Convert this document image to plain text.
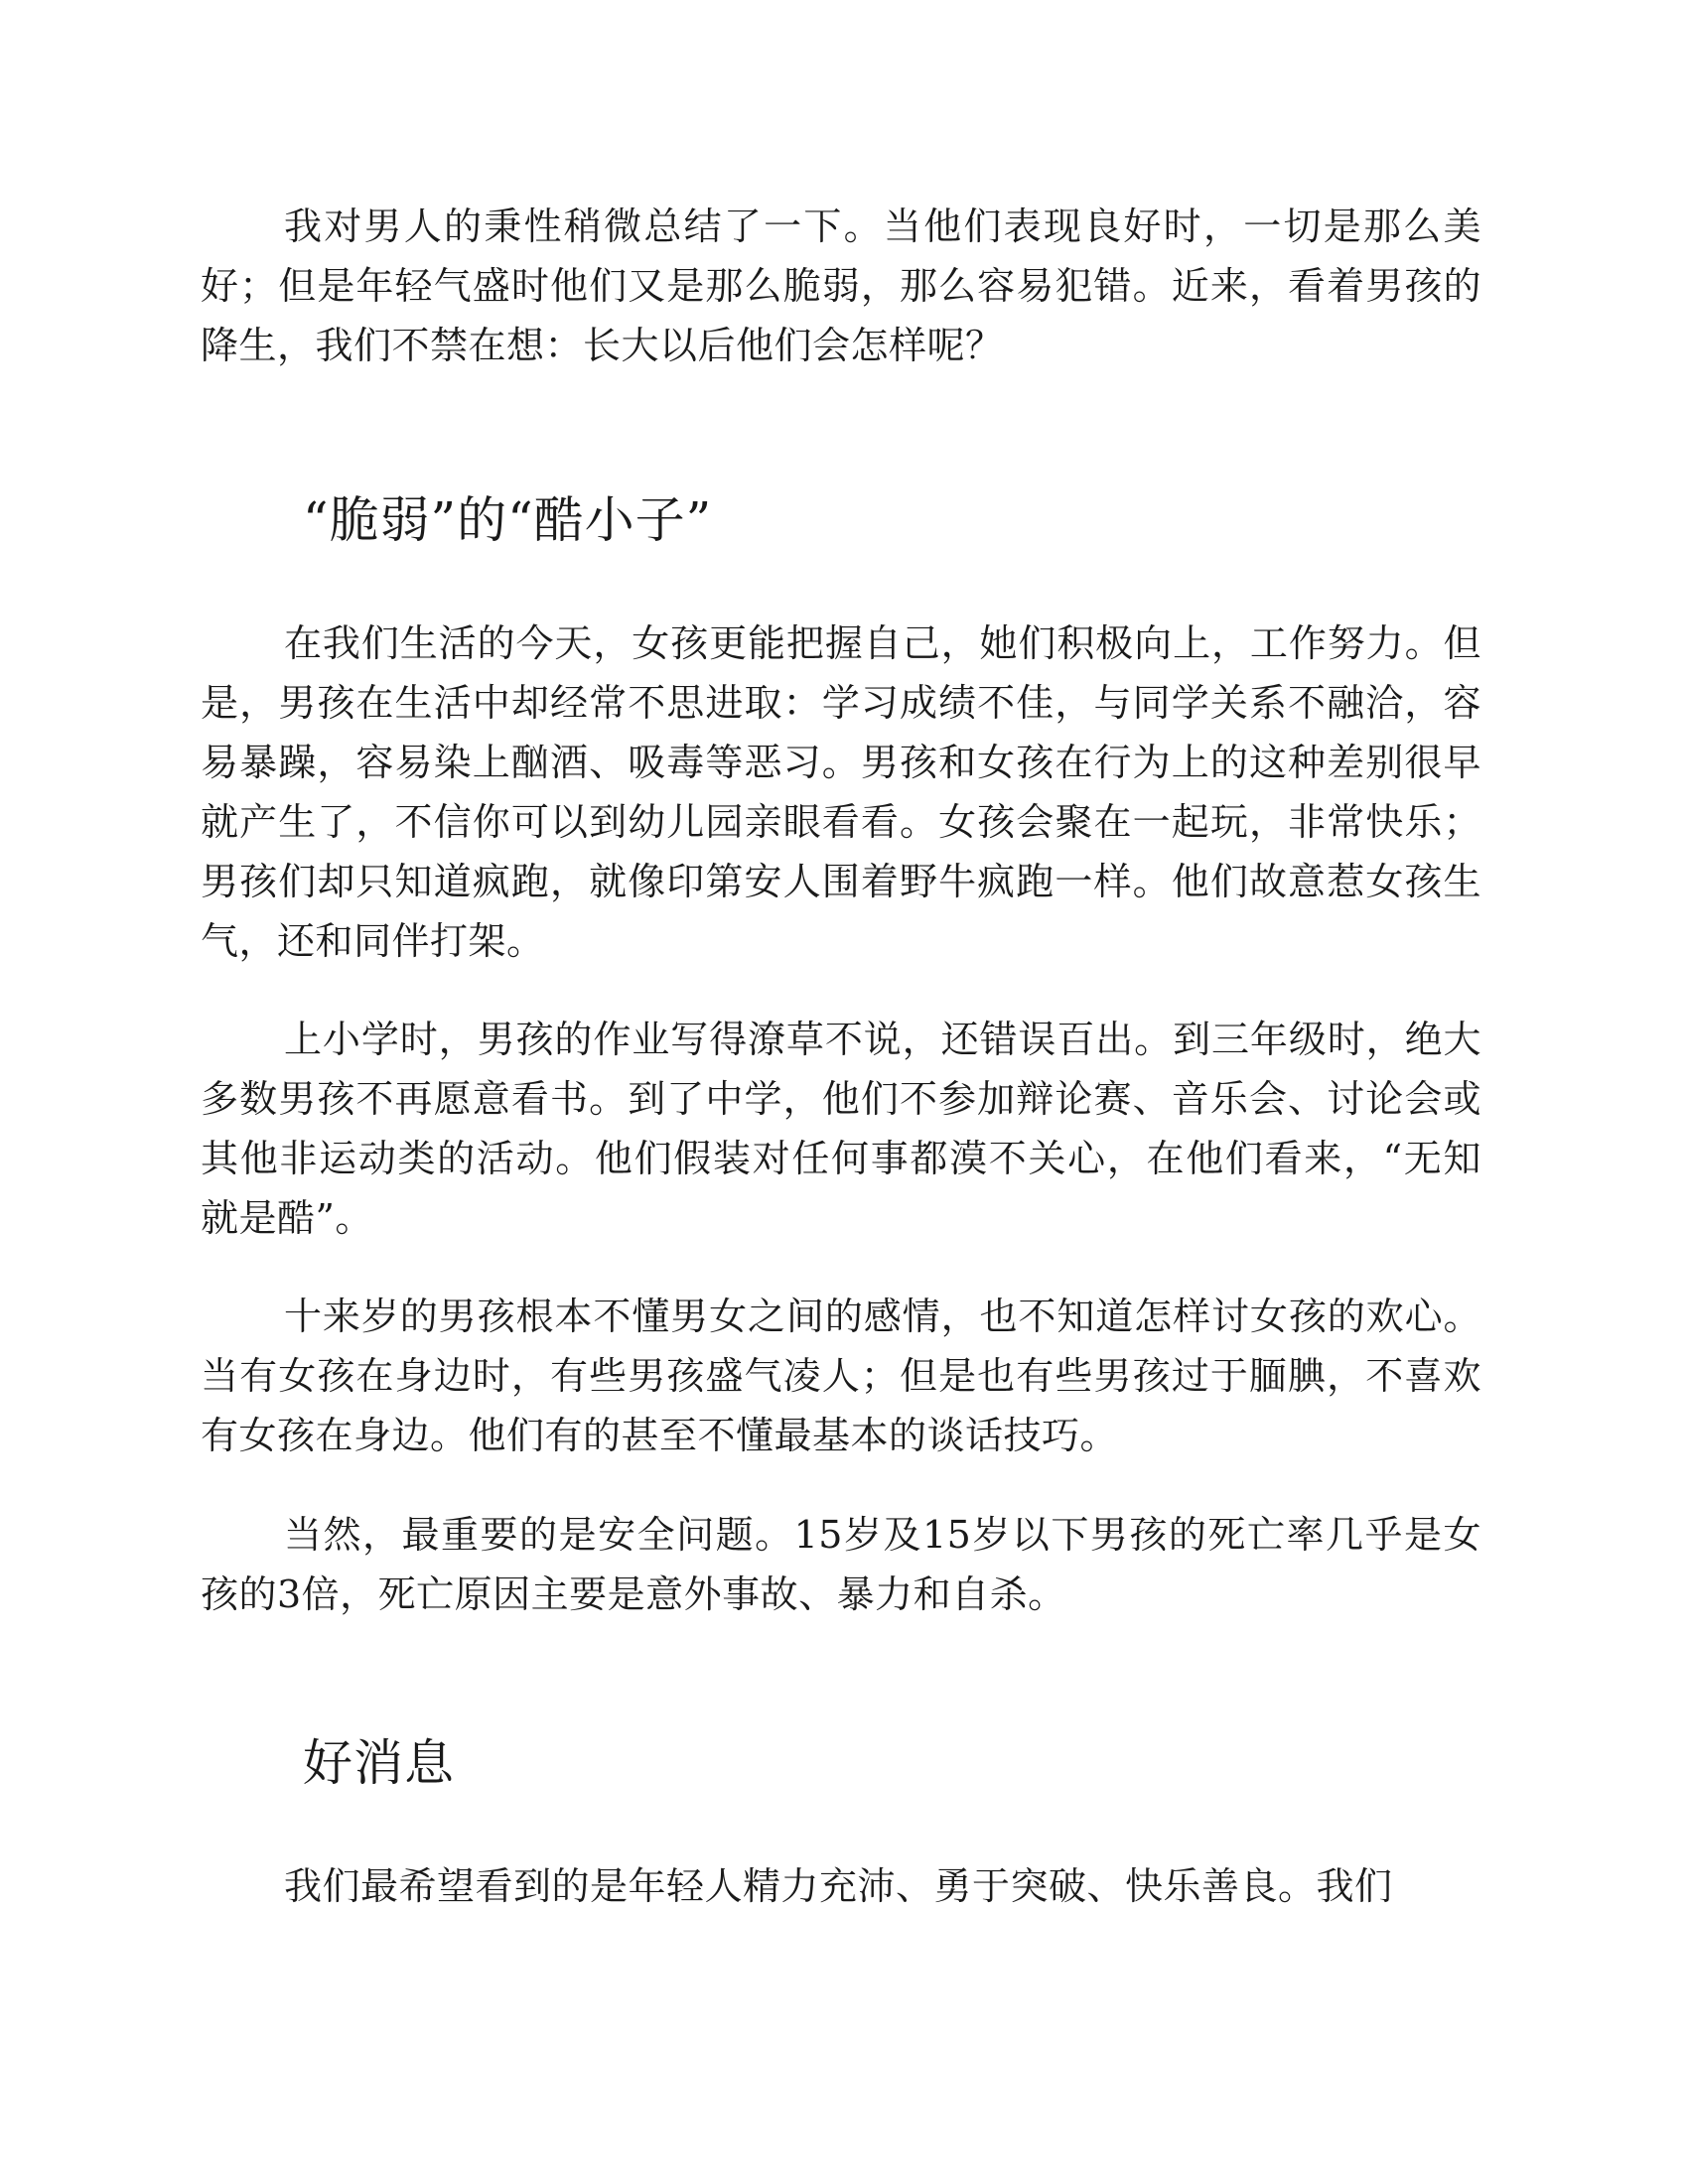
我对男人的秉性稍微总结了一下。当他们表现良好时，一切是那么美好；但是年轻气盛时他们又是那么脆弱，那么容易犯错。近来，看着男孩的降生，我们不禁在想：长大以后他们会怎样呢？

“脆弱”的“酷小子”

在我们生活的今天，女孩更能把握自己，她们积极向上，工作努力。但是，男孩在生活中却经常不思进取：学习成绩不佳，与同学关系不融洽，容易暴躁，容易染上酗酒、吸毒等恶习。男孩和女孩在行为上的这种差别很早就产生了，不信你可以到幼儿园亲眼看看。女孩会聚在一起玩，非常快乐；男孩们却只知道疯跑，就像印第安人围着野牛疯跑一样。他们故意惹女孩生气，还和同伴打架。

上小学时，男孩的作业写得潦草不说，还错误百出。到三年级时，绝大多数男孩不再愿意看书。到了中学，他们不参加辩论赛、音乐会、讨论会或其他非运动类的活动。他们假装对任何事都漠不关心，在他们看来，“无知就是酷”。

十来岁的男孩根本不懂男女之间的感情，也不知道怎样讨女孩的欢心。当有女孩在身边时，有些男孩盛气凌人；但是也有些男孩过于腼腆，不喜欢有女孩在身边。他们有的甚至不懂最基本的谈话技巧。

当然，最重要的是安全问题。15岁及15岁以下男孩的死亡率几乎是女孩的3倍，死亡原因主要是意外事故、暴力和自杀。

好消息

我们最希望看到的是年轻人精力充沛、勇于突破、快乐善良。我们
